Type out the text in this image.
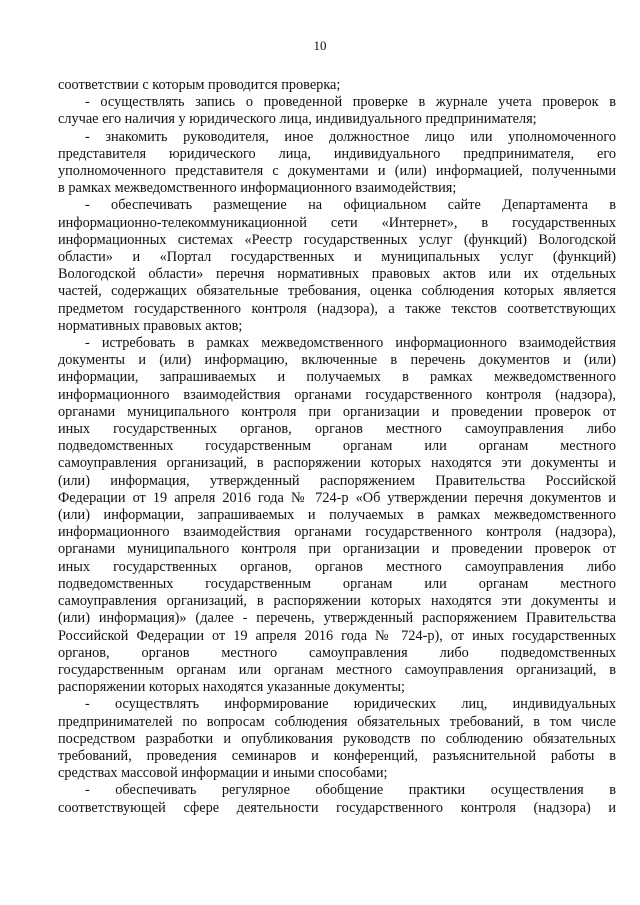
10
соответствии с которым проводится проверка;
- осуществлять запись о проведенной проверке в журнале учета проверок в
случае его наличия у юридического лица, индивидуального предпринимателя;
- знакомить руководителя, иное должностное лицо или уполномоченного
представителя юридического лица, индивидуального предпринимателя, его
уполномоченного представителя с документами и (или) информацией, полученными
в рамках межведомственного информационного взаимодействия;
- обеспечивать размещение на официальном сайте Департамента в
информационно-телекоммуникационной сети «Интернет», в государственных
информационных системах «Реестр государственных услуг (функций) Вологодской
области» и «Портал государственных и муниципальных услуг (функций)
Вологодской области» перечня нормативных правовых актов или их отдельных
частей, содержащих обязательные требования, оценка соблюдения которых является
предметом государственного контроля (надзора), а также текстов соответствующих
нормативных правовых актов;
- истребовать в рамках межведомственного информационного взаимодействия
документы и (или) информацию, включенные в перечень документов и (или)
информации, запрашиваемых и получаемых в рамках межведомственного
информационного взаимодействия органами государственного контроля (надзора),
органами муниципального контроля при организации и проведении проверок от
иных государственных органов, органов местного самоуправления либо
подведомственных государственным органам или органам местного
самоуправления организаций, в распоряжении которых находятся эти документы и
(или) информация, утвержденный распоряжением Правительства Российской
Федерации от 19 апреля 2016 года № 724-р «Об утверждении перечня документов и
(или) информации, запрашиваемых и получаемых в рамках межведомственного
информационного взаимодействия органами государственного контроля (надзора),
органами муниципального контроля при организации и проведении проверок от
иных государственных органов, органов местного самоуправления либо
подведомственных государственным органам или органам местного
самоуправления организаций, в распоряжении которых находятся эти документы и
(или) информация)» (далее - перечень, утвержденный распоряжением Правительства
Российской Федерации от 19 апреля 2016 года № 724-р), от иных государственных
органов, органов местного самоуправления либо подведомственных
государственным органам или органам местного самоуправления организаций, в
распоряжении которых находятся указанные документы;
- осуществлять информирование юридических лиц, индивидуальных
предпринимателей по вопросам соблюдения обязательных требований, в том числе
посредством разработки и опубликования руководств по соблюдению обязательных
требований, проведения семинаров и конференций, разъяснительной работы в
средствах массовой информации и иными способами;
- обеспечивать регулярное обобщение практики осуществления в
соответствующей сфере деятельности государственного контроля (надзора) и
